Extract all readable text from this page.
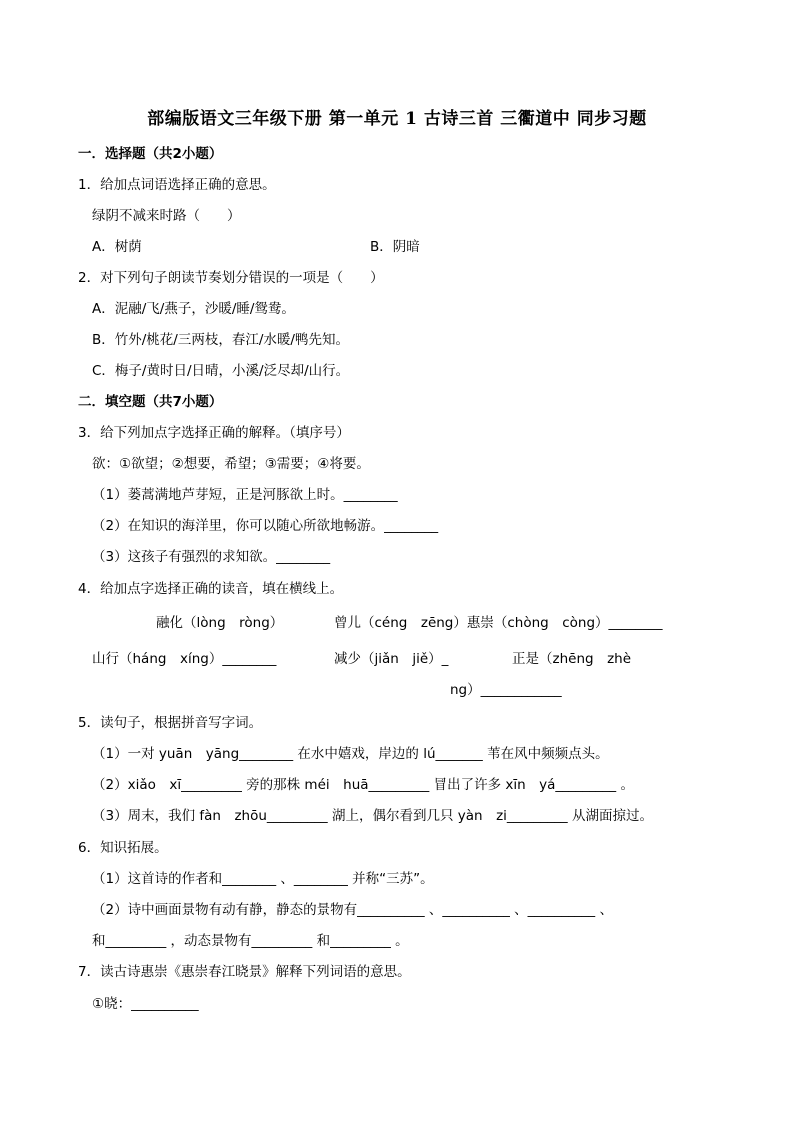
部编版语文三年级下册 第一单元 1 古诗三首 三衢道中 同步习题
一．选择题（共2小题）
1．给加点词语选择正确的意思。
绿阴不减来时路（　　）
A．树荫	B．阴暗
2．对下列句子朗读节奏划分错误的一项是（　　）
A．泥融/飞/燕子，沙暖/睡/鸳鸯。
B．竹外/桃花/三两枝，春江/水暖/鸭先知。
C．梅子/黄时日/日晴，小溪/泛尽却/山行。
二．填空题（共7小题）
3．给下列加点字选择正确的解释。（填序号）
欲：①欲望；②想要，希望；③需要；④将要。
（1）蒌蒿满地芦芽短，正是河豚欲上时。________
（2）在知识的海洋里，你可以随心所欲地畅游。________
（3）这孩子有强烈的求知欲。________
4．给加点字选择正确的读音，填在横线上。
融化（lòng　ròng）	曾儿（céng　zēng）惠崇（chòng　còng）________
山行（háng　xíng）________	减少（jiǎn　jiě）_	正是（zhēng　zhè
ng）____________
5．读句子，根据拼音写字词。
（1）一对 yuān　yāng________ 在水中嬉戏，岸边的 lú_______ 苇在风中频频点头。
（2）xiǎo　xī_________ 旁的那株 méi　huā_________ 冒出了许多 xīn　yá_________ 。
（3）周末，我们 fàn　zhōu_________ 湖上，偶尔看到几只 yàn　zi_________ 从湖面掠过。
6．知识拓展。
（1）这首诗的作者和________ 、________ 并称“三苏”。
（2）诗中画面景物有动有静，静态的景物有__________ 、__________ 、__________ 、
和_________ ，动态景物有_________ 和_________ 。
7．读古诗惠崇《惠崇春江晓景》解释下列词语的意思。
①晓：__________
